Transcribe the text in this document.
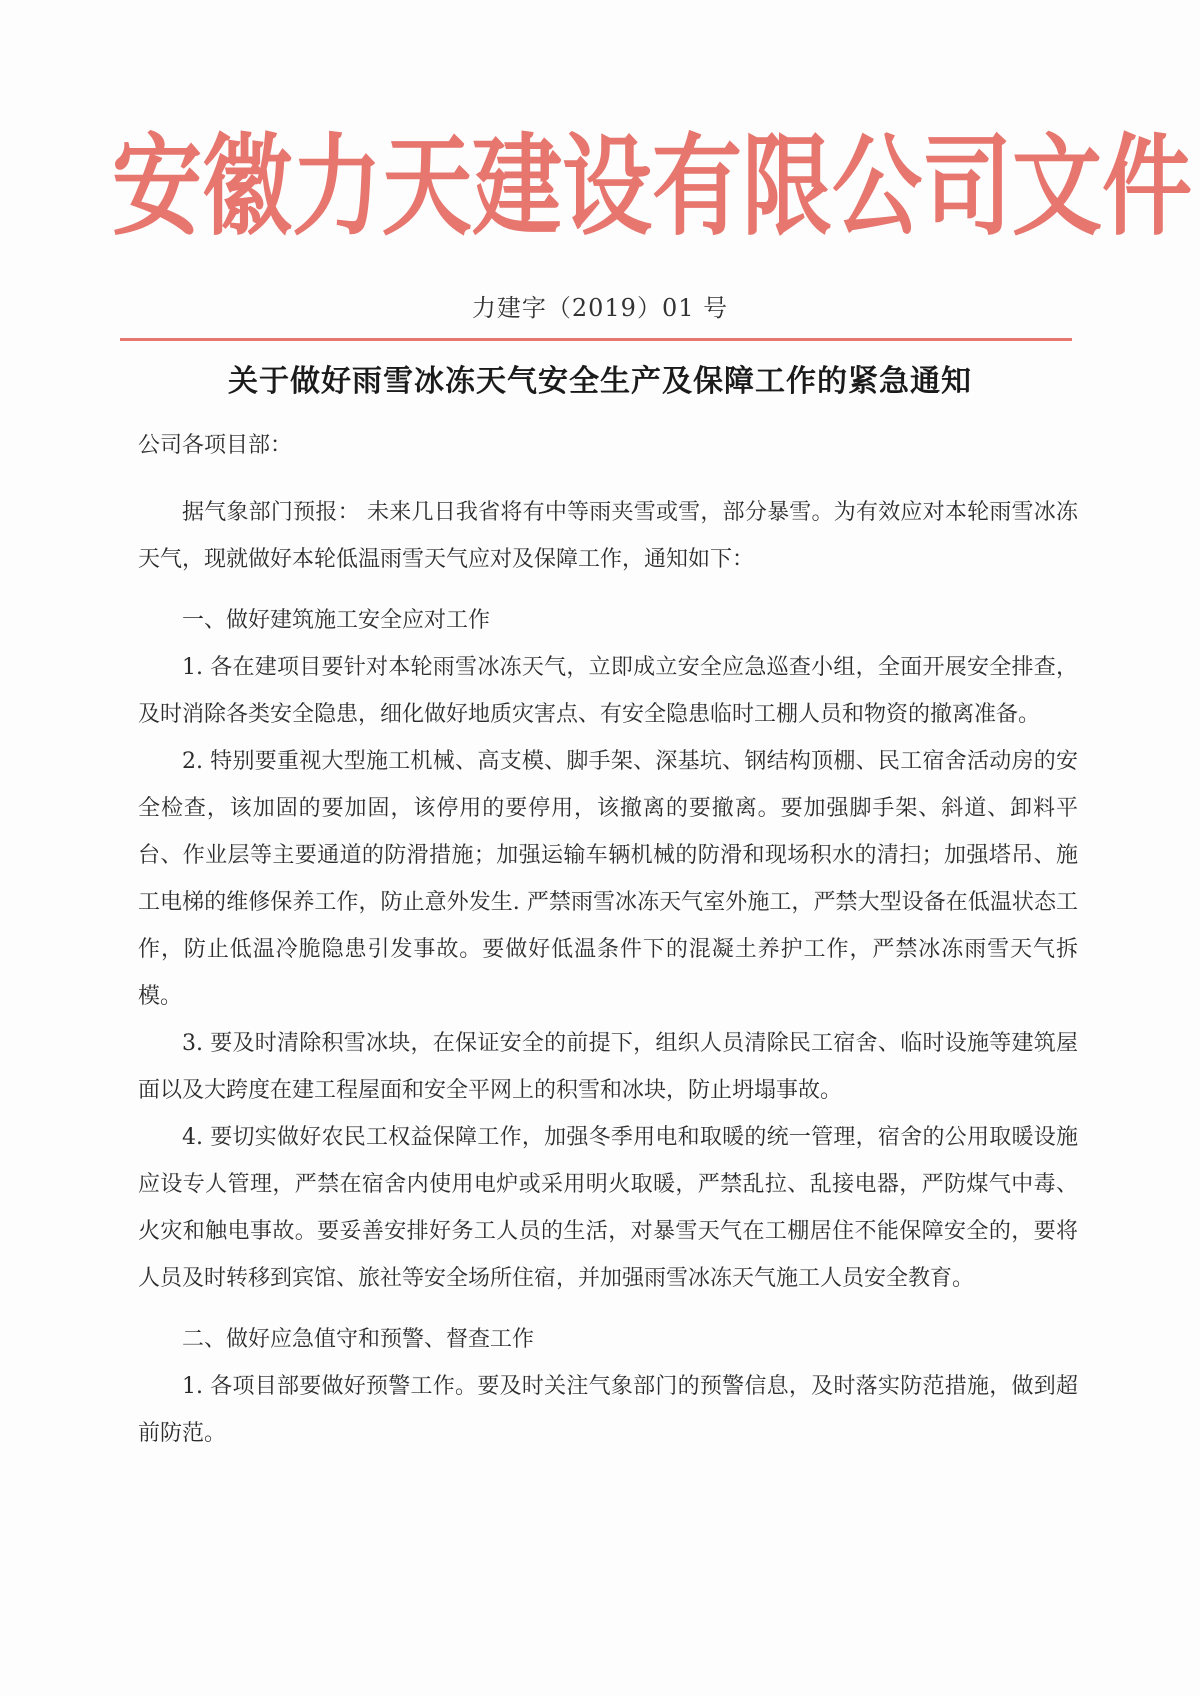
安徽力天建设有限公司文件
力建字（2019）01 号
关于做好雨雪冰冻天气安全生产及保障工作的紧急通知

公司各项目部：

据气象部门预报： 未来几日我省将有中等雨夹雪或雪，部分暴雪。为有效应对本轮雨雪冰冻天气，现就做好本轮低温雨雪天气应对及保障工作，通知如下：

一、做好建筑施工安全应对工作

1. 各在建项目要针对本轮雨雪冰冻天气，立即成立安全应急巡查小组，全面开展安全排查，及时消除各类安全隐患，细化做好地质灾害点、有安全隐患临时工棚人员和物资的撤离准备。

2. 特别要重视大型施工机械、高支模、脚手架、深基坑、钢结构顶棚、民工宿舍活动房的安全检查，该加固的要加固，该停用的要停用，该撤离的要撤离。要加强脚手架、斜道、卸料平台、作业层等主要通道的防滑措施；加强运输车辆机械的防滑和现场积水的清扫；加强塔吊、施工电梯的维修保养工作，防止意外发生. 严禁雨雪冰冻天气室外施工，严禁大型设备在低温状态工作，防止低温冷脆隐患引发事故。要做好低温条件下的混凝土养护工作，严禁冰冻雨雪天气拆模。

3. 要及时清除积雪冰块，在保证安全的前提下，组织人员清除民工宿舍、临时设施等建筑屋面以及大跨度在建工程屋面和安全平网上的积雪和冰块，防止坍塌事故。

4. 要切实做好农民工权益保障工作，加强冬季用电和取暖的统一管理，宿舍的公用取暖设施应设专人管理，严禁在宿舍内使用电炉或采用明火取暖，严禁乱拉、乱接电器，严防煤气中毒、火灾和触电事故。要妥善安排好务工人员的生活，对暴雪天气在工棚居住不能保障安全的，要将人员及时转移到宾馆、旅社等安全场所住宿，并加强雨雪冰冻天气施工人员安全教育。

二、做好应急值守和预警、督查工作

1. 各项目部要做好预警工作。要及时关注气象部门的预警信息，及时落实防范措施，做到超前防范。
